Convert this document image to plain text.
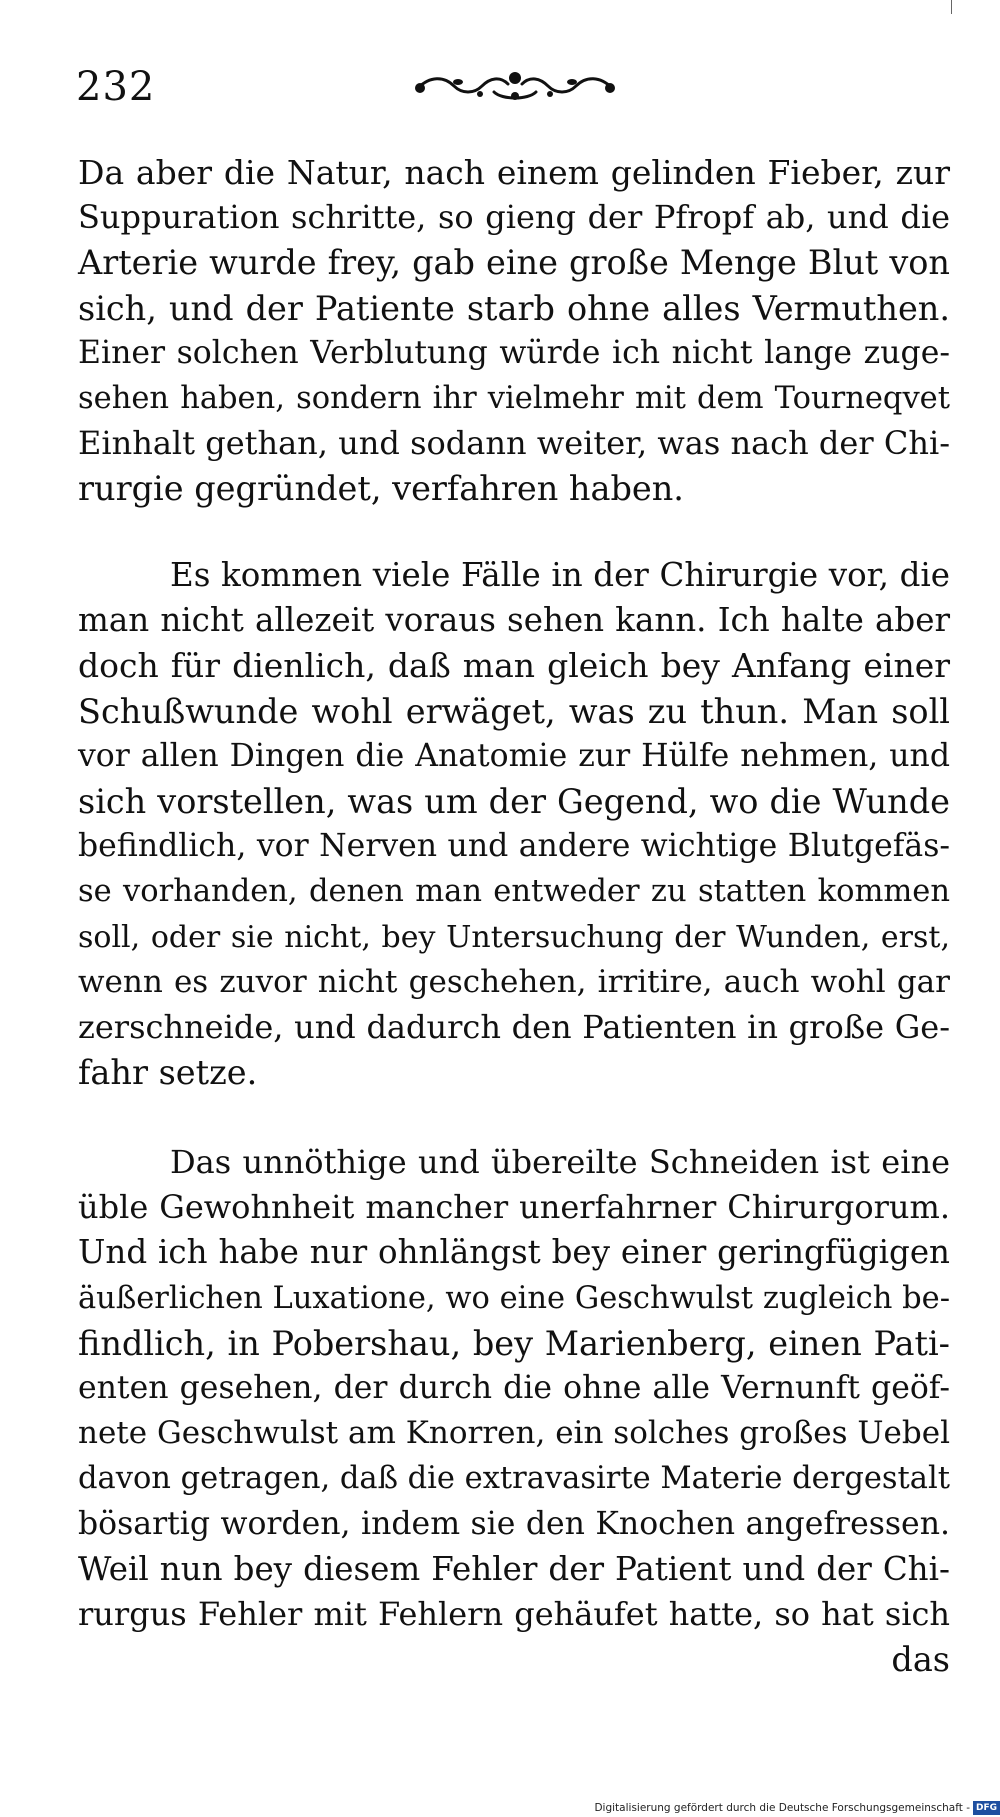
232
Da aber die Natur, nach einem gelinden Fieber, zur
Suppuration schritte, so gieng der Pfropf ab, und die
Arterie wurde frey, gab eine große Menge Blut von
sich, und der Patiente starb ohne alles Vermuthen.
Einer solchen Verblutung würde ich nicht lange zuge-
sehen haben, sondern ihr vielmehr mit dem Tourneqvet
Einhalt gethan, und sodann weiter, was nach der Chi-
rurgie gegründet, verfahren haben.
Es kommen viele Fälle in der Chirurgie vor, die
man nicht allezeit voraus sehen kann. Ich halte aber
doch für dienlich, daß man gleich bey Anfang einer
Schußwunde wohl erwäget, was zu thun. Man soll
vor allen Dingen die Anatomie zur Hülfe nehmen, und
sich vorstellen, was um der Gegend, wo die Wunde
befindlich, vor Nerven und andere wichtige Blutgefäs-
se vorhanden, denen man entweder zu statten kommen
soll, oder sie nicht, bey Untersuchung der Wunden, erst,
wenn es zuvor nicht geschehen, irritire, auch wohl gar
zerschneide, und dadurch den Patienten in große Ge-
fahr setze.
Das unnöthige und übereilte Schneiden ist eine
üble Gewohnheit mancher unerfahrner Chirurgorum.
Und ich habe nur ohnlängst bey einer geringfügigen
äußerlichen Luxatione, wo eine Geschwulst zugleich be-
findlich, in Pobershau, bey Marienberg, einen Pati-
enten gesehen, der durch die ohne alle Vernunft geöf-
nete Geschwulst am Knorren, ein solches großes Uebel
davon getragen, daß die extravasirte Materie dergestalt
bösartig worden, indem sie den Knochen angefressen.
Weil nun bey diesem Fehler der Patient und der Chi-
rurgus Fehler mit Fehlern gehäufet hatte, so hat sich
das
Digitalisierung gefördert durch die Deutsche Forschungsgemeinschaft - DFG
